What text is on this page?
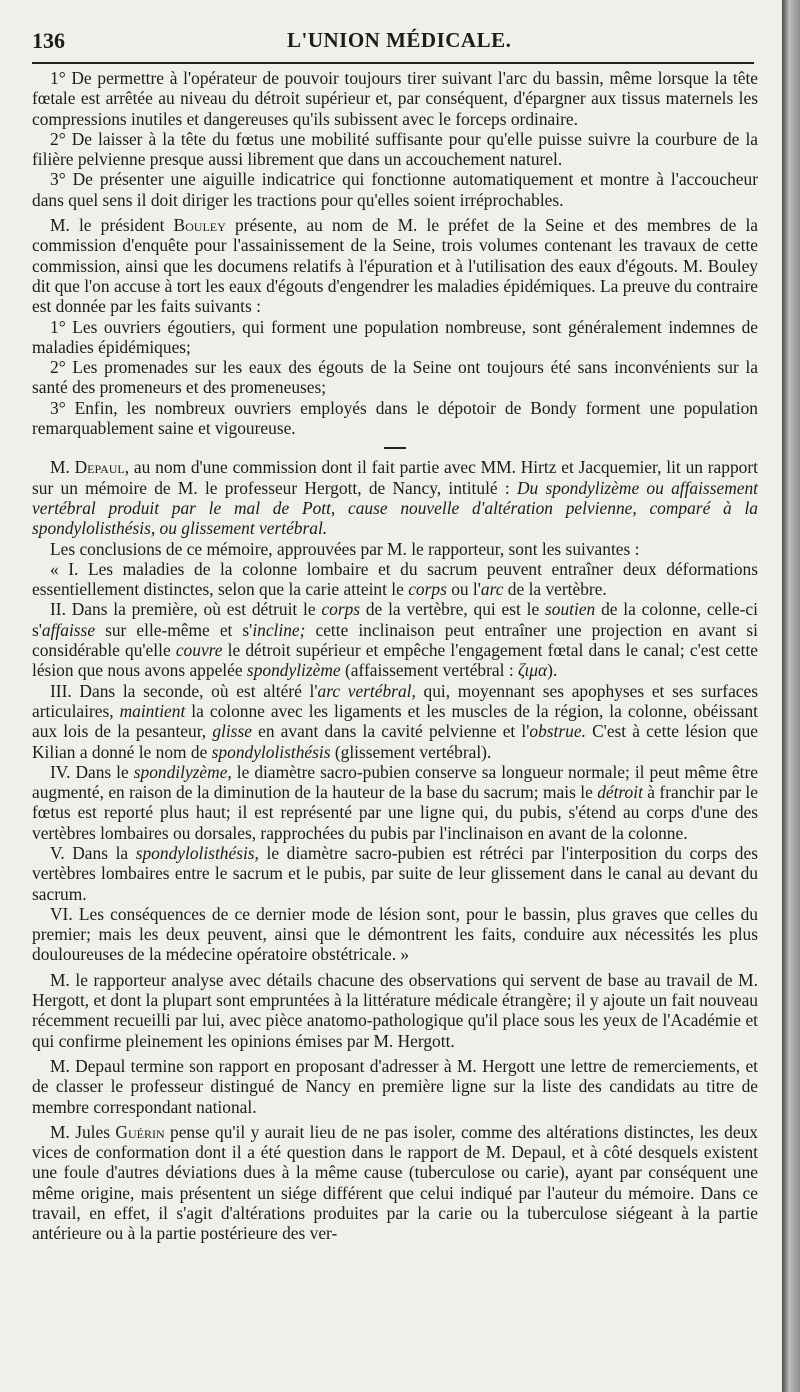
136	L'UNION MÉDICALE.

1° De permettre à l'opérateur de pouvoir toujours tirer suivant l'arc du bassin, même lorsque la tête fœtale est arrêtée au niveau du détroit supérieur et, par conséquent, d'épargner aux tissus maternels les compressions inutiles et dangereuses qu'ils subissent avec le forceps ordinaire.

2° De laisser à la tête du fœtus une mobilité suffisante pour qu'elle puisse suivre la courbure de la filière pelvienne presque aussi librement que dans un accouchement naturel.

3° De présenter une aiguille indicatrice qui fonctionne automatiquement et montre à l'accoucheur dans quel sens il doit diriger les tractions pour qu'elles soient irréprochables.

M. le président Bouley présente, au nom de M. le préfet de la Seine et des membres de la commission d'enquête pour l'assainissement de la Seine, trois volumes contenant les travaux de cette commission, ainsi que les documens relatifs à l'épuration et à l'utilisation des eaux d'égouts. M. Bouley dit que l'on accuse à tort les eaux d'égouts d'engendrer les maladies épidémiques. La preuve du contraire est donnée par les faits suivants :

1° Les ouvriers égoutiers, qui forment une population nombreuse, sont généralement indemnes de maladies épidémiques;

2° Les promenades sur les eaux des égouts de la Seine ont toujours été sans inconvénients sur la santé des promeneurs et des promeneuses;

3° Enfin, les nombreux ouvriers employés dans le dépotoir de Bondy forment une population remarquablement saine et vigoureuse.

M. Depaul, au nom d'une commission dont il fait partie avec MM. Hirtz et Jacquemier, lit un rapport sur un mémoire de M. le professeur Hergott, de Nancy, intitulé : Du spondylizème ou affaissement vertébral produit par le mal de Pott, cause nouvelle d'altération pelvienne, comparé à la spondylolisthésis, ou glissement vertébral.

Les conclusions de ce mémoire, approuvées par M. le rapporteur, sont les suivantes :

« I. Les maladies de la colonne lombaire et du sacrum peuvent entraîner deux déformations essentiellement distinctes, selon que la carie atteint le corps ou l'arc de la vertèbre.

II. Dans la première, où est détruit le corps de la vertèbre, qui est le soutien de la colonne, celle-ci s'affaisse sur elle-même et s'incline; cette inclinaison peut entraîner une projection en avant si considérable qu'elle couvre le détroit supérieur et empêche l'engagement fœtal dans le canal; c'est cette lésion que nous avons appelée spondylizème (affaissement vertébral : ζιμα).

III. Dans la seconde, où est altéré l'arc vertébral, qui, moyennant ses apophyses et ses surfaces articulaires, maintient la colonne avec les ligaments et les muscles de la région, la colonne, obéissant aux lois de la pesanteur, glisse en avant dans la cavité pelvienne et l'obstrue. C'est à cette lésion que Kilian a donné le nom de spondylolisthésis (glissement vertébral).

IV. Dans le spondilyzème, le diamètre sacro-pubien conserve sa longueur normale; il peut même être augmenté, en raison de la diminution de la hauteur de la base du sacrum; mais le détroit à franchir par le fœtus est reporté plus haut; il est représenté par une ligne qui, du pubis, s'étend au corps d'une des vertèbres lombaires ou dorsales, rapprochées du pubis par l'inclinaison en avant de la colonne.

V. Dans la spondylolisthésis, le diamètre sacro-pubien est rétréci par l'interposition du corps des vertèbres lombaires entre le sacrum et le pubis, par suite de leur glissement dans le canal au devant du sacrum.

VI. Les conséquences de ce dernier mode de lésion sont, pour le bassin, plus graves que celles du premier; mais les deux peuvent, ainsi que le démontrent les faits, conduire aux nécessités les plus douloureuses de la médecine opératoire obstétricale. »

M. le rapporteur analyse avec détails chacune des observations qui servent de base au travail de M. Hergott, et dont la plupart sont empruntées à la littérature médicale étrangère; il y ajoute un fait nouveau récemment recueilli par lui, avec pièce anatomo-pathologique qu'il place sous les yeux de l'Académie et qui confirme pleinement les opinions émises par M. Hergott.

M. Depaul termine son rapport en proposant d'adresser à M. Hergott une lettre de remerciements, et de classer le professeur distingué de Nancy en première ligne sur la liste des candidats au titre de membre correspondant national.

M. Jules Guérin pense qu'il y aurait lieu de ne pas isoler, comme des altérations distinctes, les deux vices de conformation dont il a été question dans le rapport de M. Depaul, et à côté desquels existent une foule d'autres déviations dues à la même cause (tuberculose ou carie), ayant par conséquent une même origine, mais présentent un siége différent que celui indiqué par l'auteur du mémoire. Dans ce travail, en effet, il s'agit d'altérations produites par la carie ou la tuberculose siégeant à la partie antérieure ou à la partie postérieure des ver-
